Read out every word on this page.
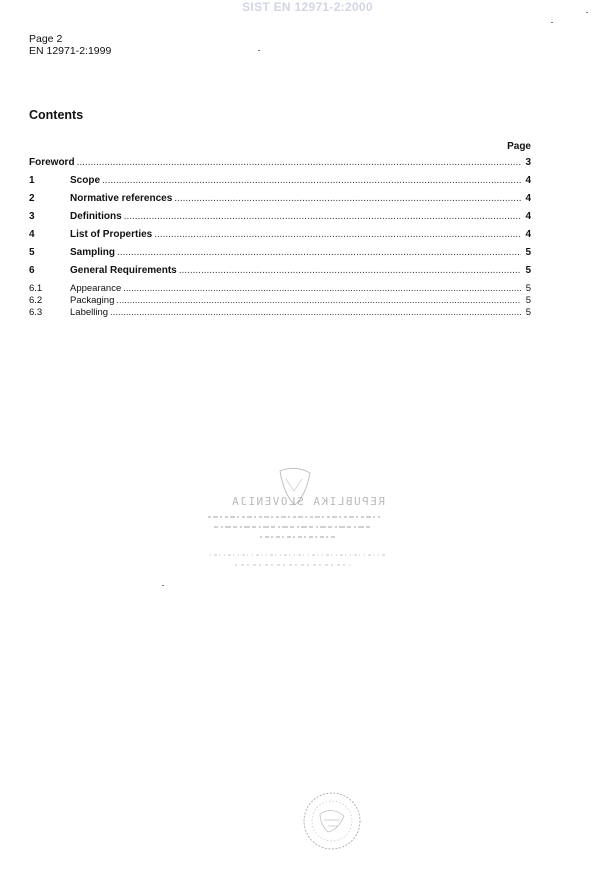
SIST EN 12971-2:2000
Page 2
EN 12971-2:1999
Contents
Page
Foreword .....	3
1	Scope .....	4
2	Normative references .....	4
3	Definitions .....	4
4	List of Properties .....	4
5	Sampling .....	5
6	General Requirements .....	5
6.1	Appearance .....	5
6.2	Packaging .....	5
6.3	Labelling .....	5
REPUBLIKA SLOVENIJA
